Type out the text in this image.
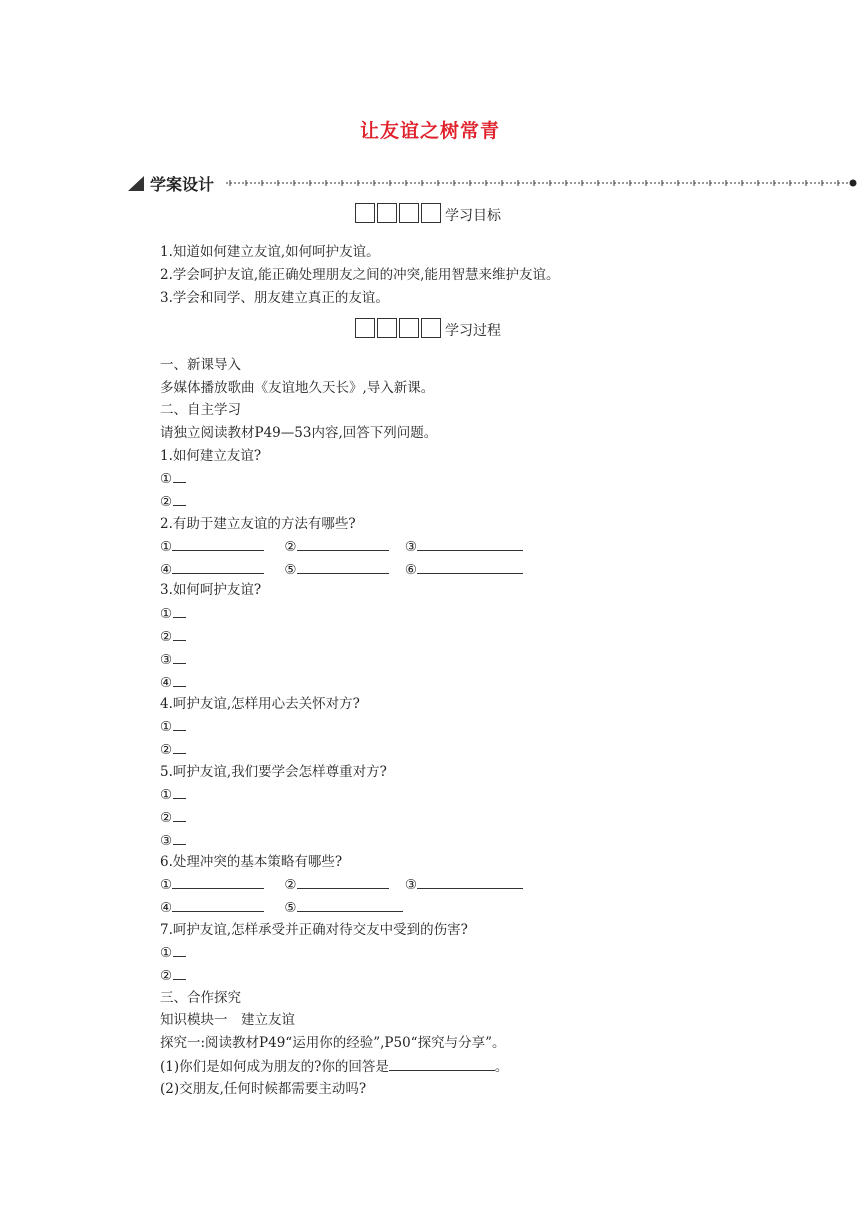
让友谊之树常青
学案设计
学习目标
1.知道如何建立友谊,如何呵护友谊。
2.学会呵护友谊,能正确处理朋友之间的冲突,能用智慧来维护友谊。
3.学会和同学、朋友建立真正的友谊。
学习过程
一、新课导入
多媒体播放歌曲《友谊地久天长》,导入新课。
二、自主学习
请独立阅读教材P49—53内容,回答下列问题。
1.如何建立友谊?
①
②
2.有助于建立友谊的方法有哪些?
①	②	③
④	⑤	⑥
3.如何呵护友谊?
①
②
③
④
4.呵护友谊,怎样用心去关怀对方?
①
②
5.呵护友谊,我们要学会怎样尊重对方?
①
②
③
6.处理冲突的基本策略有哪些?
①	②	③
④	⑤
7.呵护友谊,怎样承受并正确对待交友中受到的伤害?
①
②
三、合作探究
知识模块一　建立友谊
探究一:阅读教材P49“运用你的经验”,P50“探究与分享”。
(1)你们是如何成为朋友的?你的回答是	。
(2)交朋友,任何时候都需要主动吗?
